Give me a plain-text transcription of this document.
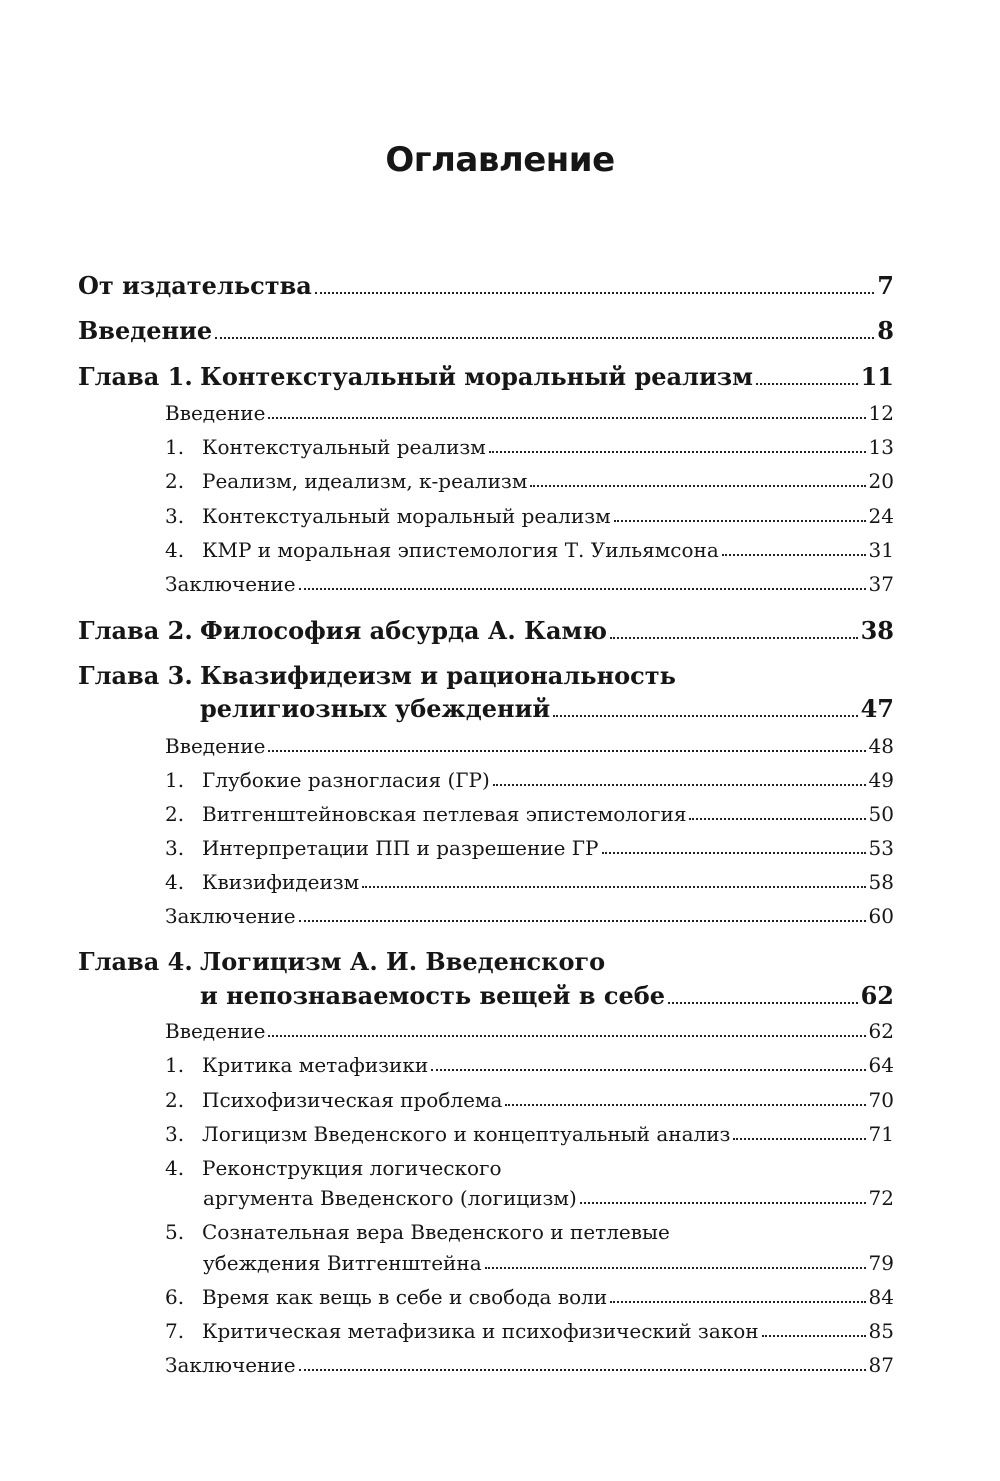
Оглавление
От издательства	7
Введение	8
Глава 1. Контекстуальный моральный реализм	11
Введение	12
1. Контекстуальный реализм	13
2. Реализм, идеализм, к-реализм	20
3. Контекстуальный моральный реализм	24
4. КМР и моральная эпистемология Т. Уильямсона	31
Заключение	37
Глава 2. Философия абсурда А. Камю	38
Глава 3. Квазифидеизм и рациональность
религиозных убеждений	47
Введение	48
1. Глубокие разногласия (ГР)	49
2. Витгенштейновская петлевая эпистемология	50
3. Интерпретации ПП и разрешение ГР	53
4. Квизифидеизм	58
Заключение	60
Глава 4. Логицизм А. И. Введенского
и непознаваемость вещей в себе	62
Введение	62
1. Критика метафизики	64
2. Психофизическая проблема	70
3. Логицизм Введенского и концептуальный анализ	71
4. Реконструкция логического
аргумента Введенского (логицизм)	72
5. Сознательная вера Введенского и петлевые
убеждения Витгенштейна	79
6. Время как вещь в себе и свобода воли	84
7. Критическая метафизика и психофизический закон	85
Заключение	87
